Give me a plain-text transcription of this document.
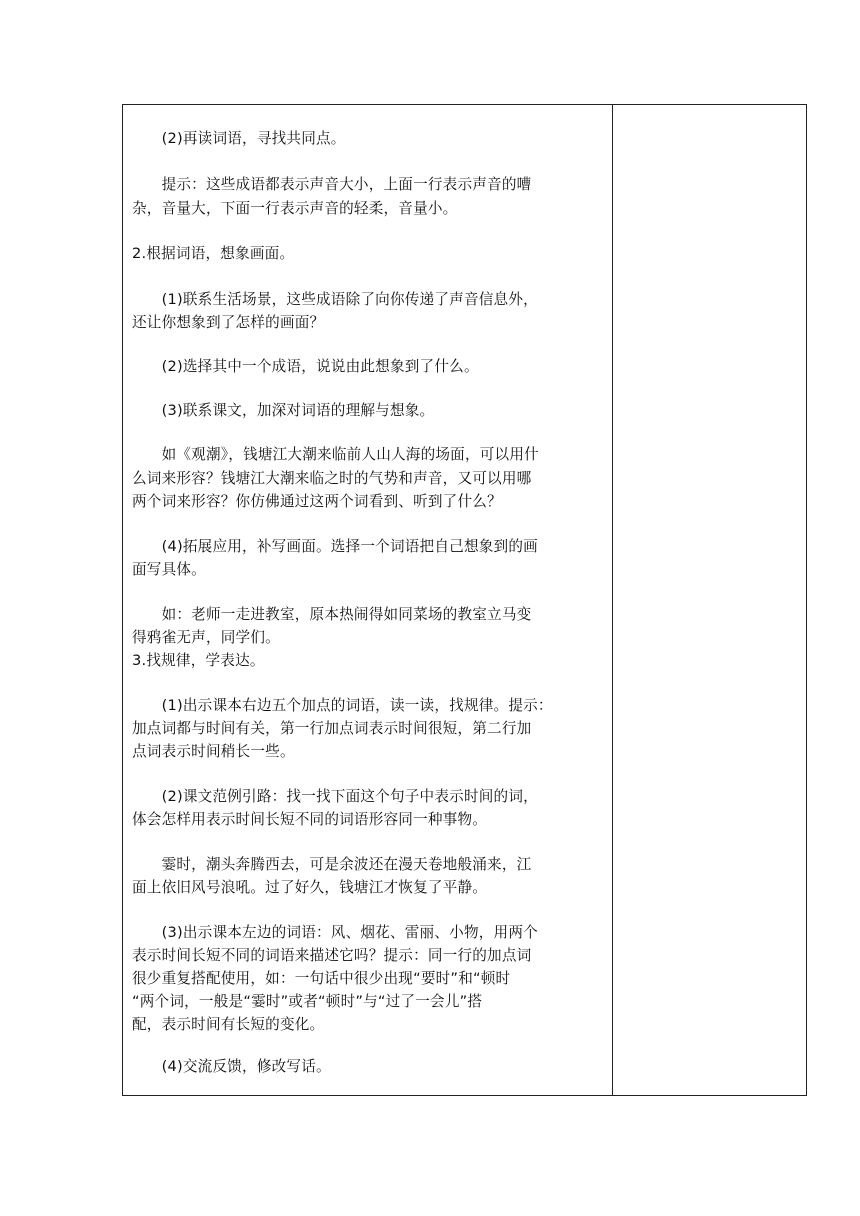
　　(2)再读词语，寻找共同点。
　　提示：这些成语都表示声音大小，上面一行表示声音的嘈
杂，音量大，下面一行表示声音的轻柔，音量小。
2.根据词语，想象画面。
　　(1)联系生活场景，这些成语除了向你传递了声音信息外，
还让你想象到了怎样的画面？
　　(2)选择其中一个成语，说说由此想象到了什么。
　　(3)联系课文，加深对词语的理解与想象。
　　如《观潮》，钱塘江大潮来临前人山人海的场面，可以用什
么词来形容？钱塘江大潮来临之时的气势和声音，又可以用哪
两个词来形容？你仿佛通过这两个词看到、听到了什么？
　　(4)拓展应用，补写画面。选择一个词语把自己想象到的画
面写具体。
　　如：老师一走进教室，原本热闹得如同菜场的教室立马变
得鸦雀无声，同学们。
3.找规律，学表达。
　　(1)出示课本右边五个加点的词语，读一读，找规律。提示：
加点词都与时间有关，第一行加点词表示时间很短，第二行加
点词表示时间稍长一些。
　　(2)课文范例引路：找一找下面这个句子中表示时间的词，
体会怎样用表示时间长短不同的词语形容同一种事物。
　　霎时，潮头奔腾西去，可是余波还在漫天卷地般涌来，江
面上依旧风号浪吼。过了好久，钱塘江才恢复了平静。
　　(3)出示课本左边的词语：风、烟花、雷丽、小物，用两个
表示时间长短不同的词语来描述它吗？提示：同一行的加点词
很少重复搭配使用，如：一句话中很少出现“要时”和“顿时
“两个词，一般是“霎时”或者“顿时”与“过了一会儿”搭
配，表示时间有长短的变化。
　　(4)交流反馈，修改写话。
